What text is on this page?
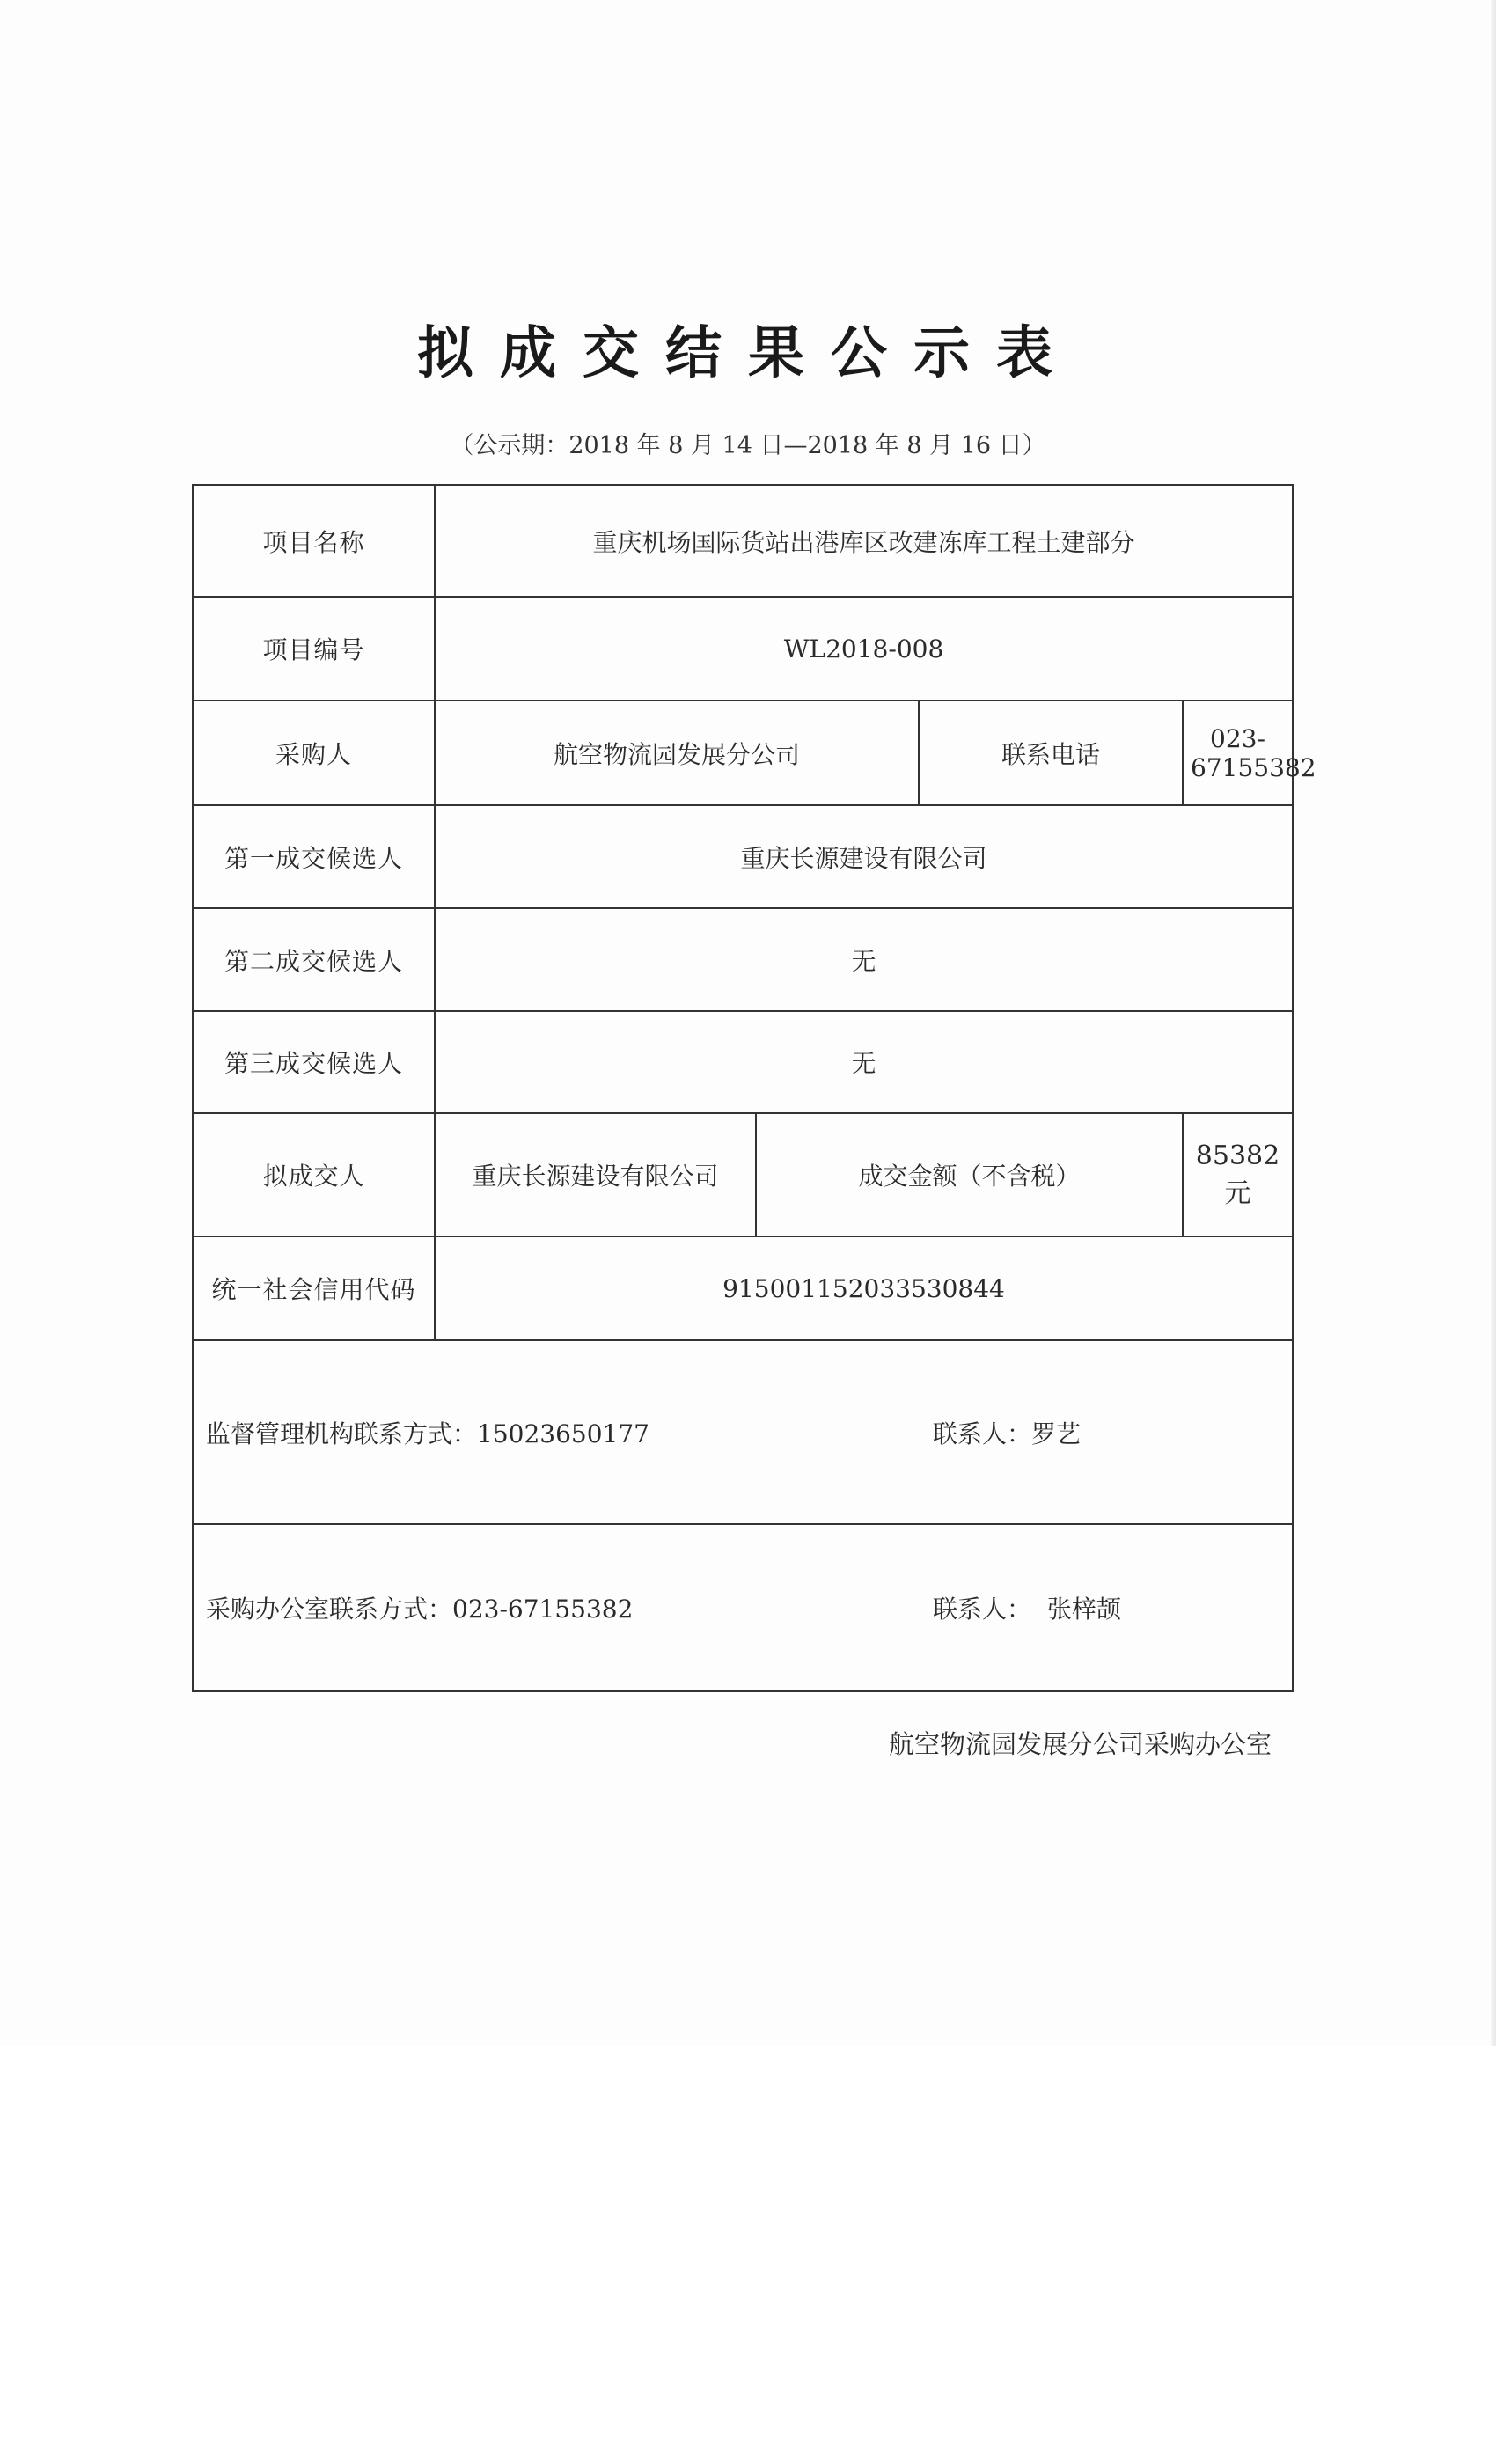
拟成交结果公示表
（公示期：2018 年 8 月 14 日—2018 年 8 月 16 日）
项目名称	重庆机场国际货站出港库区改建冻库工程土建部分			
项目编号	WL2018-008			
采购人	航空物流园发展分公司		联系电话	023-67155382
第一成交候选人	重庆长源建设有限公司			
第二成交候选人	无			
第三成交候选人	无			
拟成交人	重庆长源建设有限公司	成交金额（不含税）		85382 元
统一社会信用代码	915001152033530844			

监督管理机构联系方式：15023650177 联系人：罗艺				

采购办公室联系方式：023-67155382 联系人：  张梓颉				
航空物流园发展分公司采购办公室
